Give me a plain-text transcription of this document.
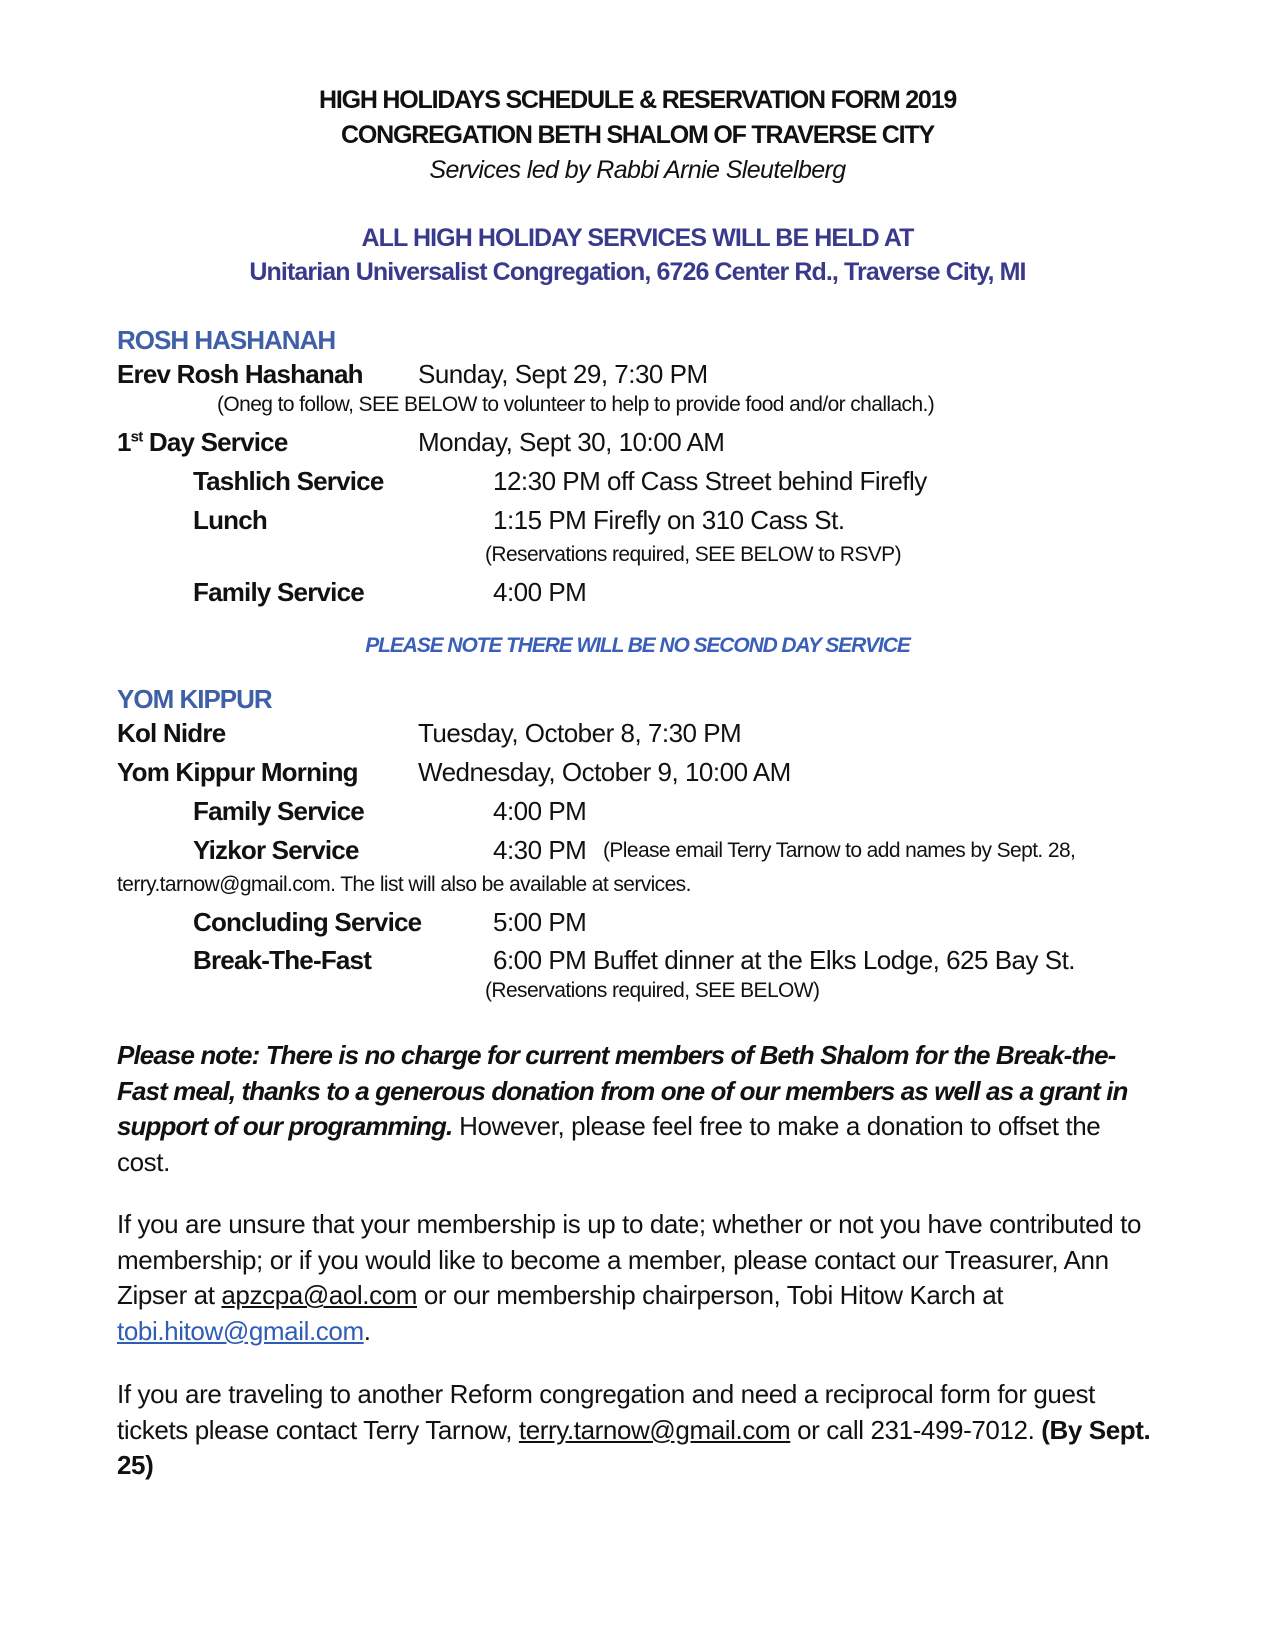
HIGH HOLIDAYS SCHEDULE & RESERVATION FORM 2019
CONGREGATION BETH SHALOM OF TRAVERSE CITY
Services led by Rabbi Arnie Sleutelberg
ALL HIGH HOLIDAY SERVICES WILL BE HELD AT
Unitarian Universalist Congregation, 6726 Center Rd., Traverse City, MI
ROSH HASHANAH
Erev Rosh Hashanah Sunday, Sept 29, 7:30 PM
(Oneg to follow, SEE BELOW to volunteer to help to provide food and/or challach.)
1st Day Service	Monday, Sept 30, 10:00 AM
Tashlich Service	12:30 PM off Cass Street behind Firefly
Lunch	1:15 PM Firefly on 310 Cass St.
(Reservations required, SEE BELOW to RSVP)
Family Service	4:00 PM
PLEASE NOTE THERE WILL BE NO SECOND DAY SERVICE
YOM KIPPUR
Kol Nidre	Tuesday, October 8, 7:30 PM
Yom Kippur Morning Wednesday, October 9, 10:00 AM
Family Service	4:00 PM
Yizkor Service	4:30 PM (Please email Terry Tarnow to add names by Sept. 28,
terry.tarnow@gmail.com. The list will also be available at services.
Concluding Service	5:00 PM
Break-The-Fast	6:00 PM Buffet dinner at the Elks Lodge, 625 Bay St.
(Reservations required, SEE BELOW)
Please note: There is no charge for current members of Beth Shalom for the Break-the-Fast meal, thanks to a generous donation from one of our members as well as a grant in support of our programming. However, please feel free to make a donation to offset the cost.
If you are unsure that your membership is up to date; whether or not you have contributed to membership; or if you would like to become a member, please contact our Treasurer, Ann Zipser at apzcpa@aol.com or our membership chairperson, Tobi Hitow Karch at tobi.hitow@gmail.com.
If you are traveling to another Reform congregation and need a reciprocal form for guest tickets please contact Terry Tarnow, terry.tarnow@gmail.com or call 231-499-7012. (By Sept. 25)
